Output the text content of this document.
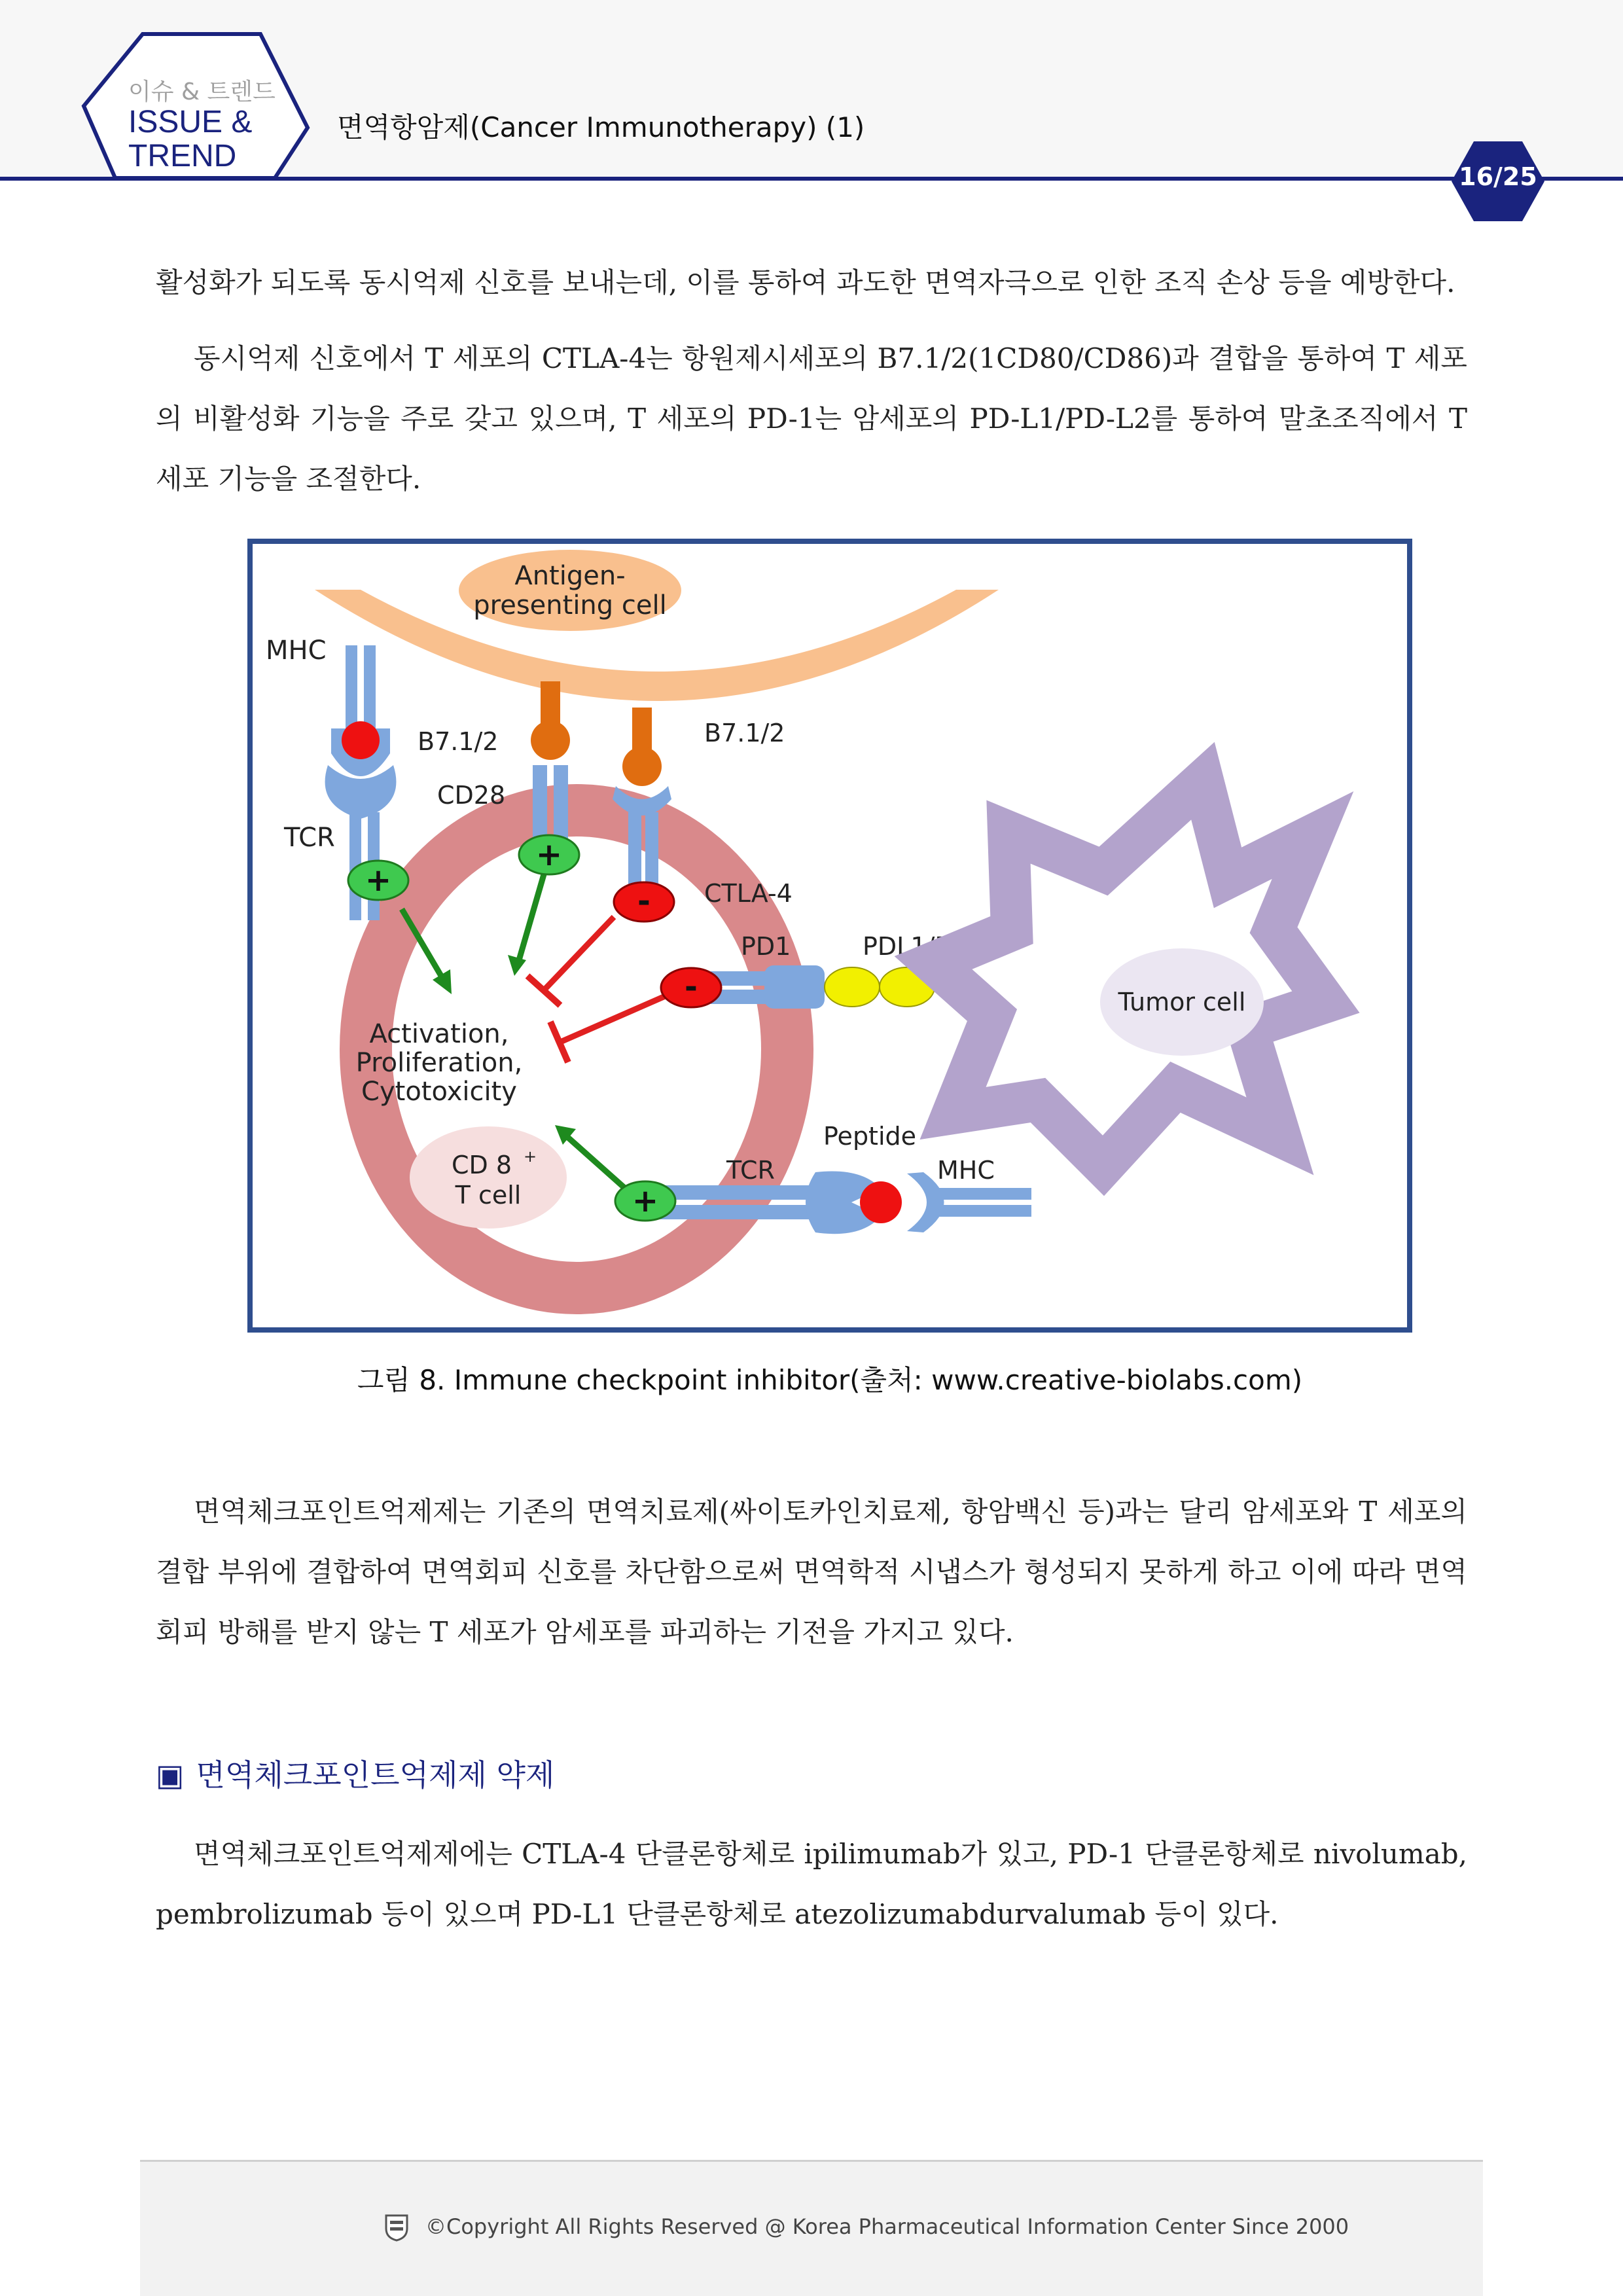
이슈 & 트렌드
ISSUE &
TREND
면역항암제(Cancer Immunotherapy) (1)
16/25

활성화가 되도록 동시억제 신호를 보내는데, 이를 통하여 과도한 면역자극으로 인한 조직 손상 등을 예방한다.

동시억제 신호에서 T 세포의 CTLA-4는 항원제시세포의 B7.1/2(1CD80/CD86)과 결합을 통하여 T 세포의 비활성화 기능을 주로 갖고 있으며, T 세포의 PD-1는 암세포의 PD-L1/PD-L2를 통하여 말초조직에서 T 세포 기능을 조절한다.

Antigen-
presenting cell
CD 8 +
T cell
MHC
TCR
B7.1/2
CD28
B7.1/2
CTLA-4
PD1	PDL1/PDL2
Tumor cell
Peptide
TCR	MHC
Activation,
Proliferation,
Cytotoxicity
+
+
-
-
+
그림 8. Immune checkpoint inhibitor(출처: www.creative-biolabs.com)

면역체크포인트억제제는 기존의 면역치료제(싸이토카인치료제, 항암백신 등)과는 달리 암세포와 T 세포의 결합 부위에 결합하여 면역회피 신호를 차단함으로써 면역학적 시냅스가 형성되지 못하게 하고 이에 따라 면역회피 방해를 받지 않는 T 세포가 암세포를 파괴하는 기전을 가지고 있다.

▣ 면역체크포인트억제제 약제

면역체크포인트억제제에는 CTLA-4 단클론항체로 ipilimumab가 있고, PD-1 단클론항체로 nivolumab, pembrolizumab 등이 있으며 PD-L1 단클론항체로 atezolizumabdurvalumab 등이 있다.

©Copyright All Rights Reserved @ Korea Pharmaceutical Information Center Since 2000
